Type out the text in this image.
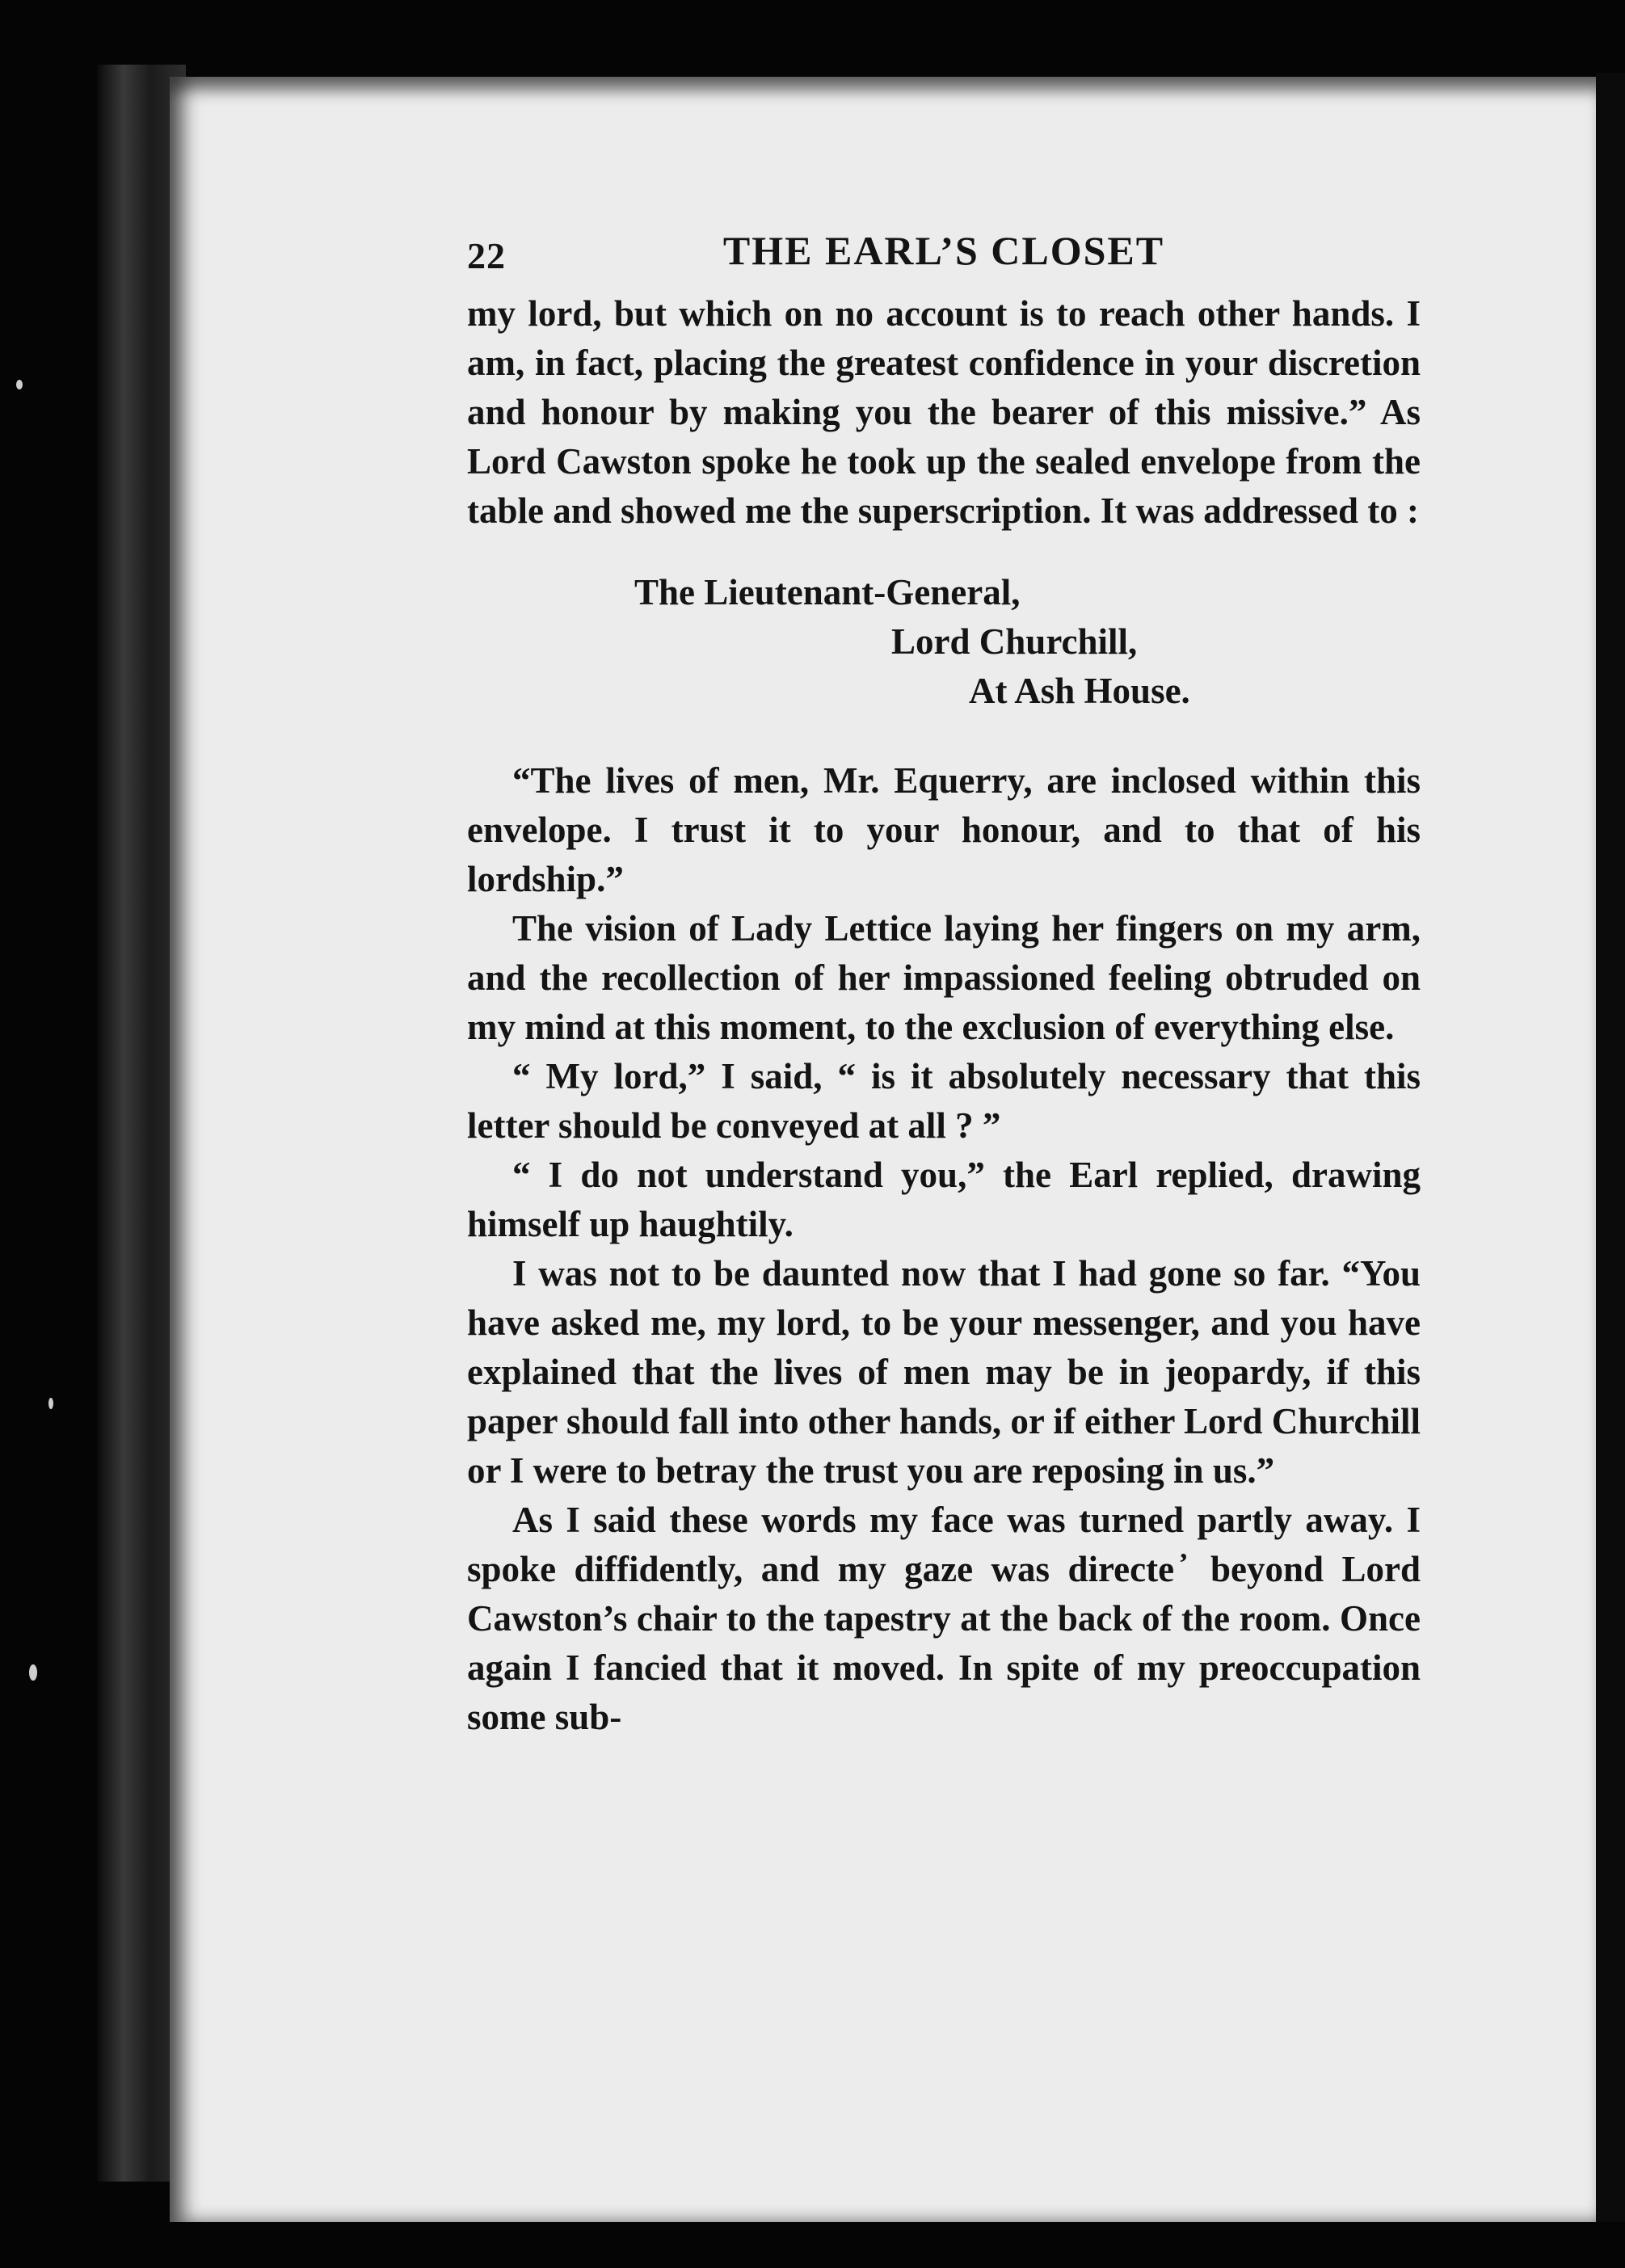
22	THE EARL’S CLOSET

my lord, but which on no account is to reach other hands. I am, in fact, placing the greatest confidence in your discretion and honour by making you the bearer of this missive.” As Lord Cawston spoke he took up the sealed envelope from the table and showed me the superscription. It was addressed to :

The Lieutenant-General,
Lord Churchill,
At Ash House.

“The lives of men, Mr. Equerry, are inclosed within this envelope. I trust it to your honour, and to that of his lordship.”

The vision of Lady Lettice laying her fingers on my arm, and the recollection of her impassioned feeling obtruded on my mind at this moment, to the exclusion of everything else.

“ My lord,” I said, “ is it absolutely necessary that this letter should be conveyed at all ? ”

“ I do not understand you,” the Earl replied, drawing himself up haughtily.

I was not to be daunted now that I had gone so far. “You have asked me, my lord, to be your messenger, and you have explained that the lives of men may be in jeopardy, if this paper should fall into other hands, or if either Lord Churchill or I were to betray the trust you are reposing in us.”

As I said these words my face was turned partly away. I spoke diffidently, and my gaze was directe ̓ beyond Lord Cawston’s chair to the tapestry at the back of the room. Once again I fancied that it moved. In spite of my preoccupation some sub-
